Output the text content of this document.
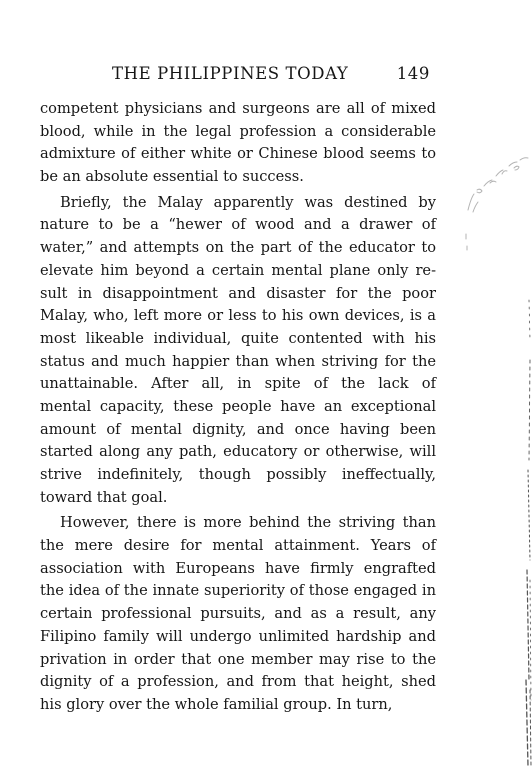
THE PHILIPPINES TODAY	149
competent physicians and surgeons are all of mixed
blood, while in the legal profession a considerable
admixture of either white or Chinese blood seems to
be an absolute essential to success.
Briefly, the Malay apparently was destined by
nature to be a “hewer of wood and a drawer of
water,” and attempts on the part of the educator to
elevate him beyond a certain mental plane only re-
sult in disappointment and disaster for the poor
Malay, who, left more or less to his own devices, is a
most likeable individual, quite contented with his
status and much happier than when striving for the
unattainable. After all, in spite of the lack of
mental capacity, these people have an exceptional
amount of mental dignity, and once having been
started along any path, educatory or otherwise, will
strive indefinitely, though possibly ineffectually,
toward that goal.
However, there is more behind the striving than
the mere desire for mental attainment. Years of
association with Europeans have firmly engrafted
the idea of the innate superiority of those engaged in
certain professional pursuits, and as a result, any
Filipino family will undergo unlimited hardship and
privation in order that one member may rise to the
dignity of a profession, and from that height, shed
his glory over the whole familial group. In turn,
